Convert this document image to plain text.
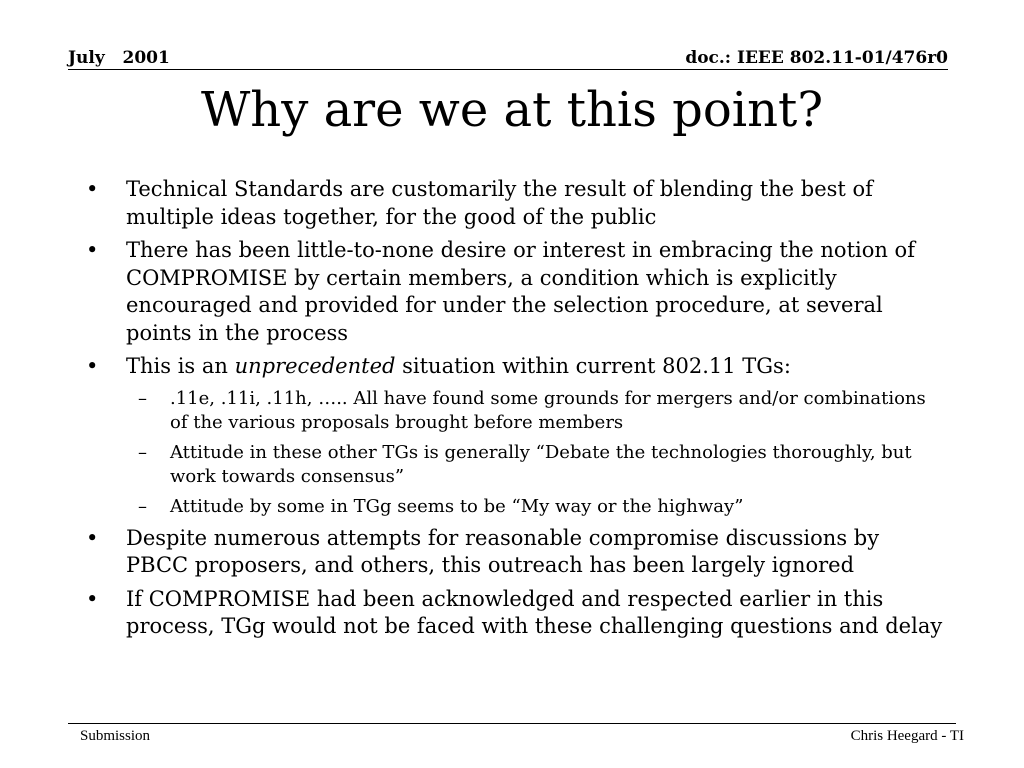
July   2001	doc.: IEEE 802.11-01/476r0
Why are we at this point?
• Technical Standards are customarily the result of blending the best of multiple ideas together, for the good of the public
• There has been little-to-none desire or interest in embracing the notion of COMPROMISE by certain members, a condition which is explicitly encouraged and provided for under the selection procedure, at several points in the process
• This is an unprecedented situation within current 802.11 TGs:
– .11e, .11i, .11h, ….. All have found some grounds for mergers and/or combinations of the various proposals brought before members
– Attitude in these other TGs is generally “Debate the technologies thoroughly, but work towards consensus”
– Attitude by some in TGg seems to be “My way or the highway”
• Despite numerous attempts for reasonable compromise discussions by PBCC proposers, and others, this outreach has been largely ignored
• If COMPROMISE had been acknowledged and respected earlier in this process, TGg would not be faced with these challenging questions and delay
Submission	Chris Heegard - TI
